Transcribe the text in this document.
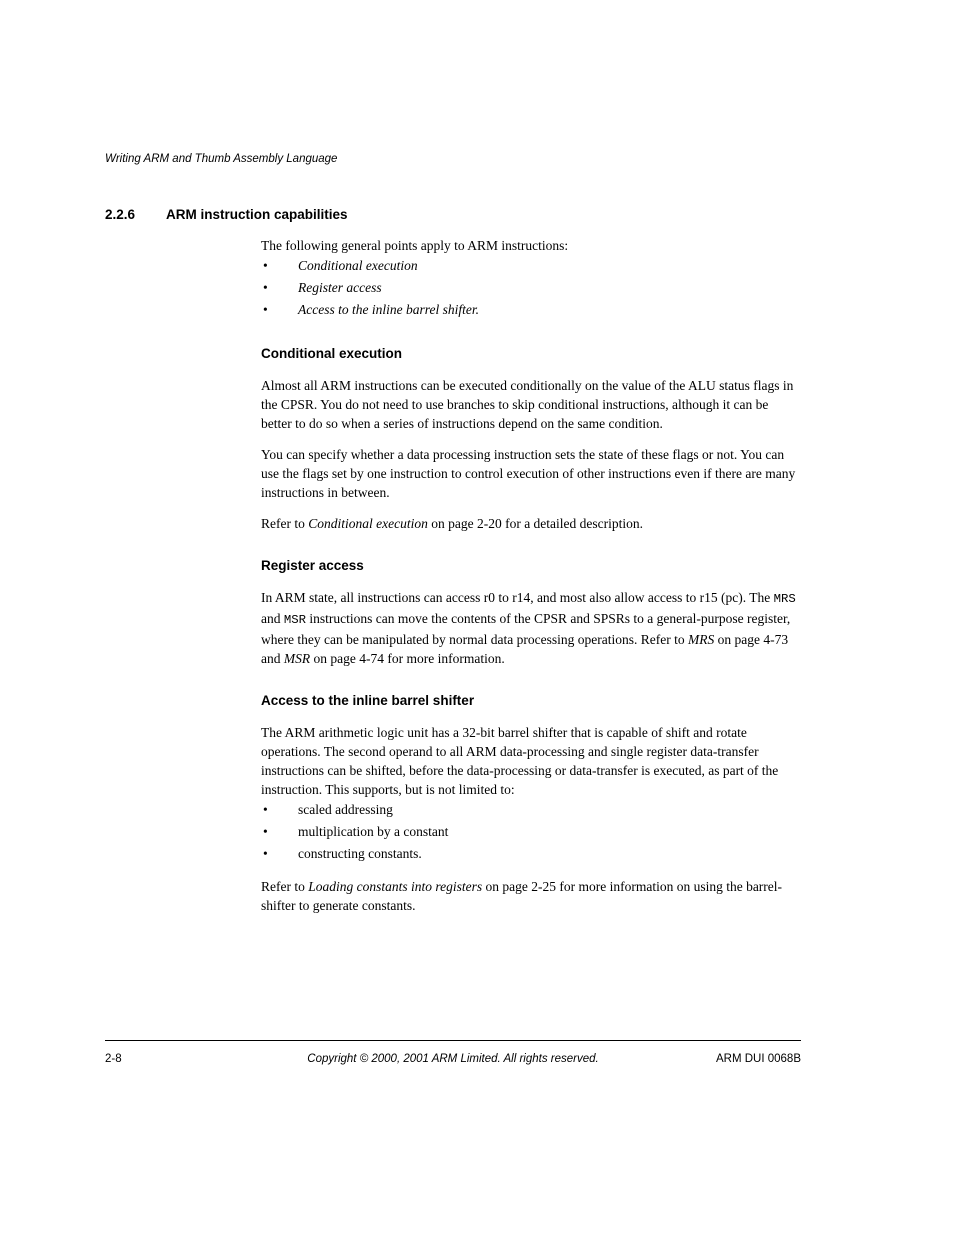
Writing ARM and Thumb Assembly Language
2.2.6 ARM instruction capabilities

The following general points apply to ARM instructions:

• Conditional execution
• Register access
• Access to the inline barrel shifter.
Conditional execution

Almost all ARM instructions can be executed conditionally on the value of the ALU status flags in the CPSR. You do not need to use branches to skip conditional instructions, although it can be better to do so when a series of instructions depend on the same condition.

You can specify whether a data processing instruction sets the state of these flags or not. You can use the flags set by one instruction to control execution of other instructions even if there are many instructions in between.

Refer to Conditional execution on page 2-20 for a detailed description.

Register access

In ARM state, all instructions can access r0 to r14, and most also allow access to r15 (pc). The MRS and MSR instructions can move the contents of the CPSR and SPSRs to a general-purpose register, where they can be manipulated by normal data processing operations. Refer to MRS on page 4-73 and MSR on page 4-74 for more information.

Access to the inline barrel shifter

The ARM arithmetic logic unit has a 32-bit barrel shifter that is capable of shift and rotate operations. The second operand to all ARM data-processing and single register data-transfer instructions can be shifted, before the data-processing or data-transfer is executed, as part of the instruction. This supports, but is not limited to:

• scaled addressing
• multiplication by a constant
• constructing constants.

Refer to Loading constants into registers on page 2-25 for more information on using the barrel-shifter to generate constants.

2-8	Copyright © 2000, 2001 ARM Limited. All rights reserved.	ARM DUI 0068B
